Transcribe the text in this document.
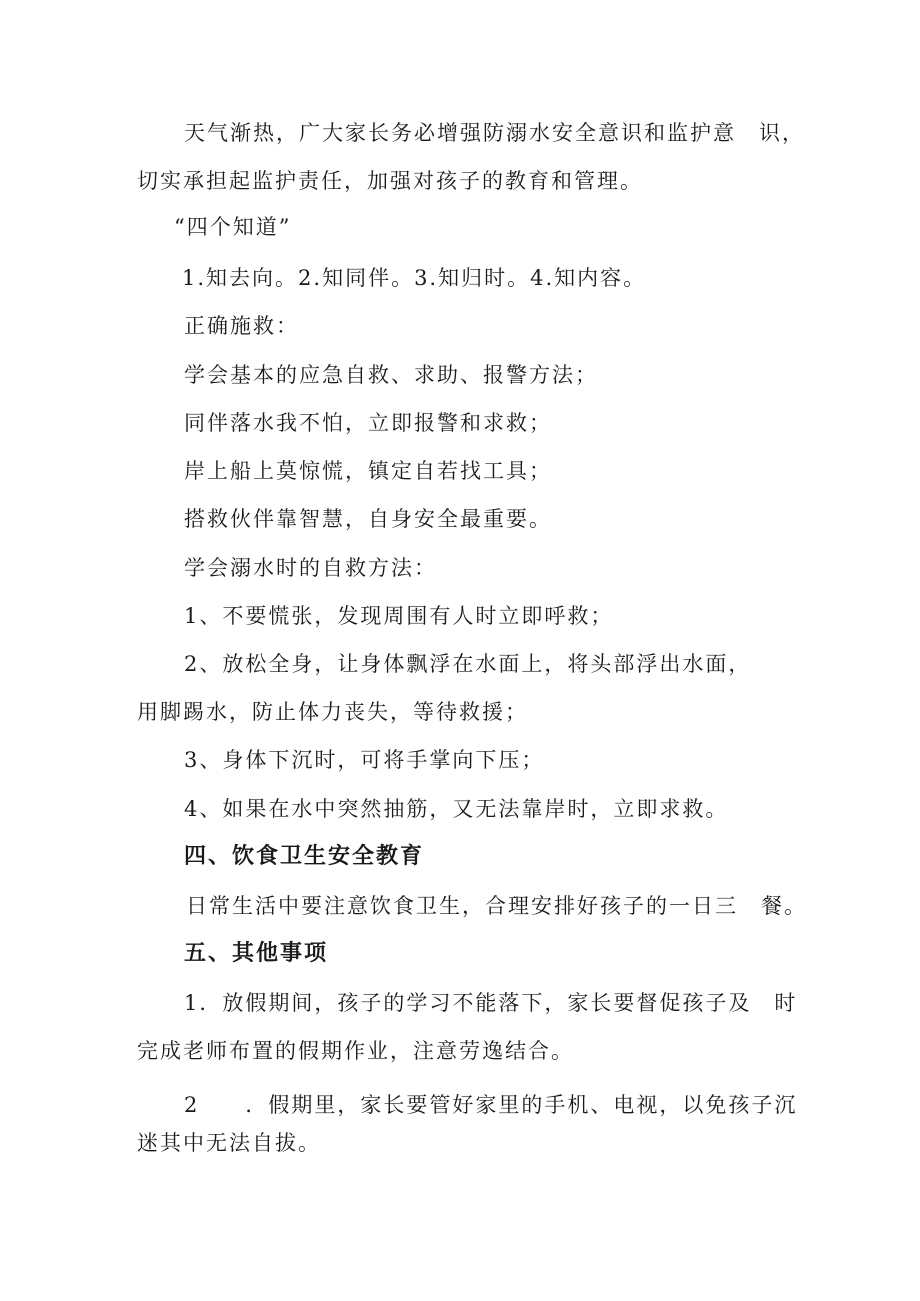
天气渐热，广大家长务必增强防溺水安全意识和监护意　识，
切实承担起监护责任，加强对孩子的教育和管理。
“四个知道”
1.知去向。2.知同伴。3.知归时。4.知内容。
正确施救：
学会基本的应急自救、求助、报警方法；
同伴落水我不怕，立即报警和求救；
岸上船上莫惊慌，镇定自若找工具；
搭救伙伴靠智慧，自身安全最重要。
学会溺水时的自救方法：
1、不要慌张，发现周围有人时立即呼救；
2、放松全身，让身体飘浮在水面上，将头部浮出水面，
用脚踢水，防止体力丧失，等待救援；
3、身体下沉时，可将手掌向下压；
4、如果在水中突然抽筋，又无法靠岸时，立即求救。
四、饮食卫生安全教育
日常生活中要注意饮食卫生，合理安排好孩子的一日三　餐。
五、其他事项
1．放假期间，孩子的学习不能落下，家长要督促孩子及　时
完成老师布置的假期作业，注意劳逸结合。
2　　．假期里，家长要管好家里的手机、电视，以免孩子沉
迷其中无法自拔。
